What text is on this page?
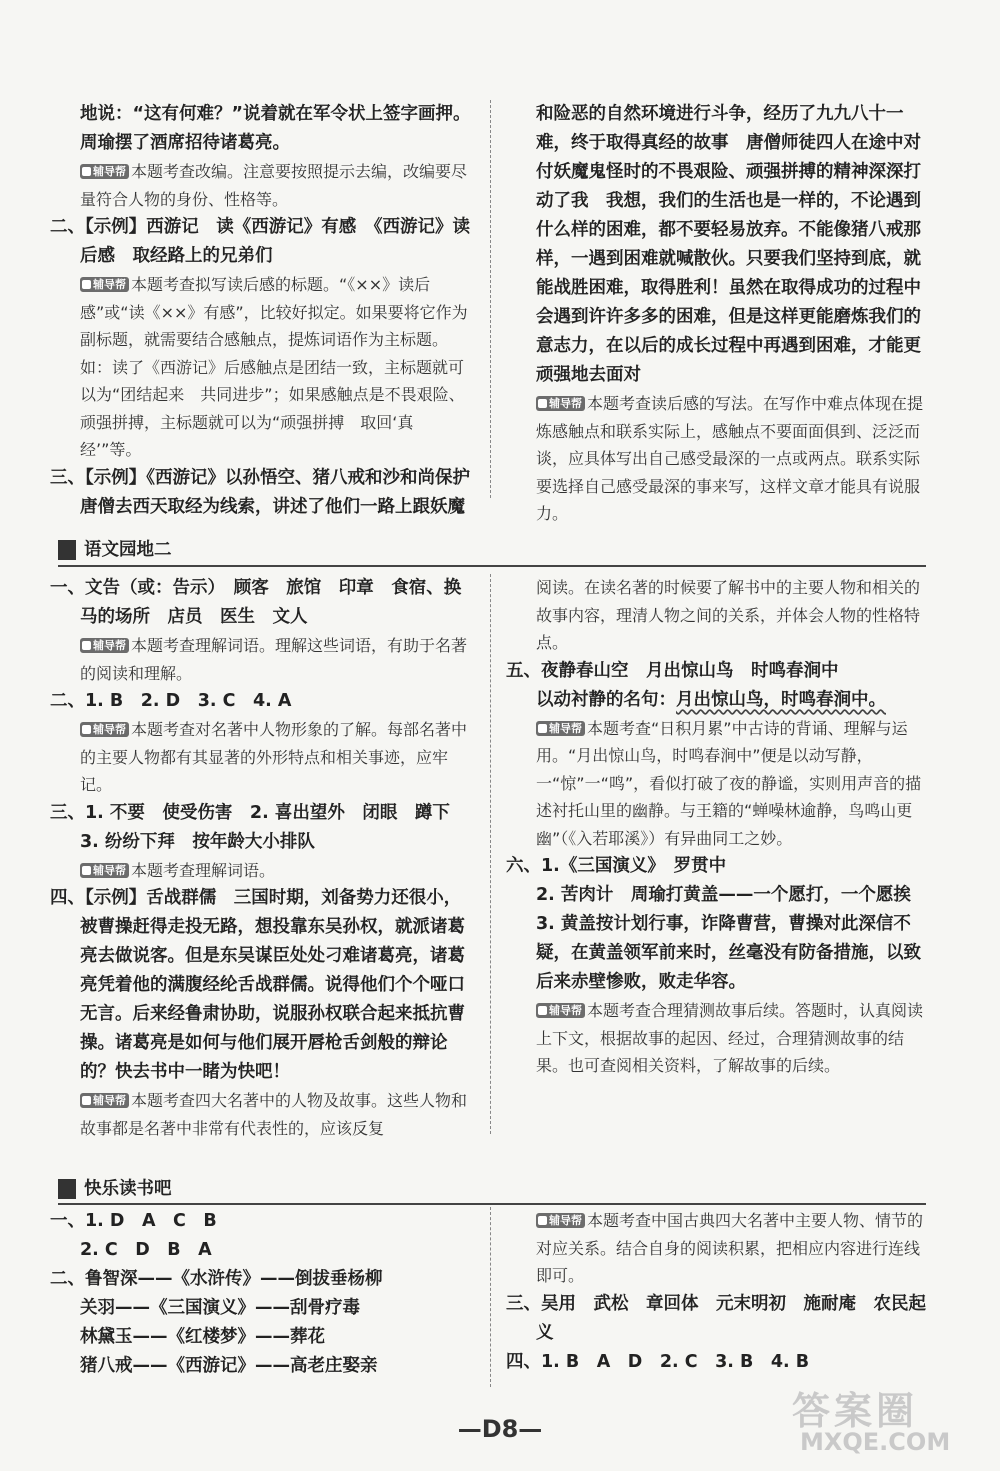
地说：“这有何难？”说着就在军令状上签字画押。

周瑜摆了酒席招待诸葛亮。

辅导帮 本题考查改编。注意要按照提示去编，改编要尽量符合人物的身份、性格等。

二、【示例】西游记　读《西游记》有感　《西游记》读后感　取经路上的兄弟们

辅导帮 本题考查拟写读后感的标题。“《××》读后感”或“读《××》有感”，比较好拟定。如果要将它作为副标题，就需要结合感触点，提炼词语作为主标题。如：读了《西游记》后感触点是团结一致，主标题就可以为“团结起来　共同进步”；如果感触点是不畏艰险、顽强拼搏，主标题就可以为“顽强拼搏　取回‘真经’”等。

三、【示例】《西游记》以孙悟空、猪八戒和沙和尚保护唐僧去西天取经为线索，讲述了他们一路上跟妖魔

和险恶的自然环境进行斗争，经历了九九八十一难，终于取得真经的故事　唐僧师徒四人在途中对付妖魔鬼怪时的不畏艰险、顽强拼搏的精神深深打动了我　我想，我们的生活也是一样的，不论遇到什么样的困难，都不要轻易放弃。不能像猪八戒那样，一遇到困难就喊散伙。只要我们坚持到底，就能战胜困难，取得胜利！虽然在取得成功的过程中会遇到许许多多的困难，但是这样更能磨炼我们的意志力，在以后的成长过程中再遇到困难，才能更顽强地去面对

辅导帮 本题考查读后感的写法。在写作中难点体现在提炼感触点和联系实际上，感触点不要面面俱到、泛泛而谈，应具体写出自己感受最深的一点或两点。联系实际要选择自己感受最深的事来写，这样文章才能具有说服力。

语文园地二

一、文告（或：告示）　顾客　旅馆　印章　食宿、换马的场所　店员　医生　文人

辅导帮 本题考查理解词语。理解这些词语，有助于名著的阅读和理解。

二、1. B　2. D　3. C　4. A

辅导帮 本题考查对名著中人物形象的了解。每部名著中的主要人物都有其显著的外形特点和相关事迹，应牢记。

三、1. 不要　使受伤害　2. 喜出望外　闭眼　蹲下

3. 纷纷下拜　按年龄大小排队

辅导帮 本题考查理解词语。

四、【示例】舌战群儒　三国时期，刘备势力还很小，被曹操赶得走投无路，想投靠东吴孙权，就派诸葛亮去做说客。但是东吴谋臣处处刁难诸葛亮，诸葛亮凭着他的满腹经纶舌战群儒。说得他们个个哑口无言。后来经鲁肃协助，说服孙权联合起来抵抗曹操。诸葛亮是如何与他们展开唇枪舌剑般的辩论的？快去书中一睹为快吧！

辅导帮 本题考查四大名著中的人物及故事。这些人物和故事都是名著中非常有代表性的，应该反复

阅读。在读名著的时候要了解书中的主要人物和相关的故事内容，理清人物之间的关系，并体会人物的性格特点。

五、夜静春山空　月出惊山鸟　时鸣春涧中

以动衬静的名句：月出惊山鸟，时鸣春涧中。

辅导帮 本题考查“日积月累”中古诗的背诵、理解与运用。“月出惊山鸟，时鸣春涧中”便是以动写静，一“惊”一“鸣”，看似打破了夜的静谧，实则用声音的描述衬托山里的幽静。与王籍的“蝉噪林逾静，鸟鸣山更幽”（《入若耶溪》）有异曲同工之妙。

六、1.《三国演义》　罗贯中

2. 苦肉计　周瑜打黄盖——一个愿打，一个愿挨

3. 黄盖按计划行事，诈降曹营，曹操对此深信不疑，在黄盖领军前来时，丝毫没有防备措施，以致后来赤壁惨败，败走华容。

辅导帮 本题考查合理猜测故事后续。答题时，认真阅读上下文，根据故事的起因、经过，合理猜测故事的结果。也可查阅相关资料，了解故事的后续。

快乐读书吧

一、1. D　A　C　B

2. C　D　B　A

二、鲁智深——《水浒传》——倒拔垂杨柳

关羽——《三国演义》——刮骨疗毒

林黛玉——《红楼梦》——葬花

猪八戒——《西游记》——高老庄娶亲

辅导帮 本题考查中国古典四大名著中主要人物、情节的对应关系。结合自身的阅读积累，把相应内容进行连线即可。

三、吴用　武松　章回体　元末明初　施耐庵　农民起义

四、1. B　A　D　2. C　3. B　4. B

—D8—	答案圈
MXQE.COM
